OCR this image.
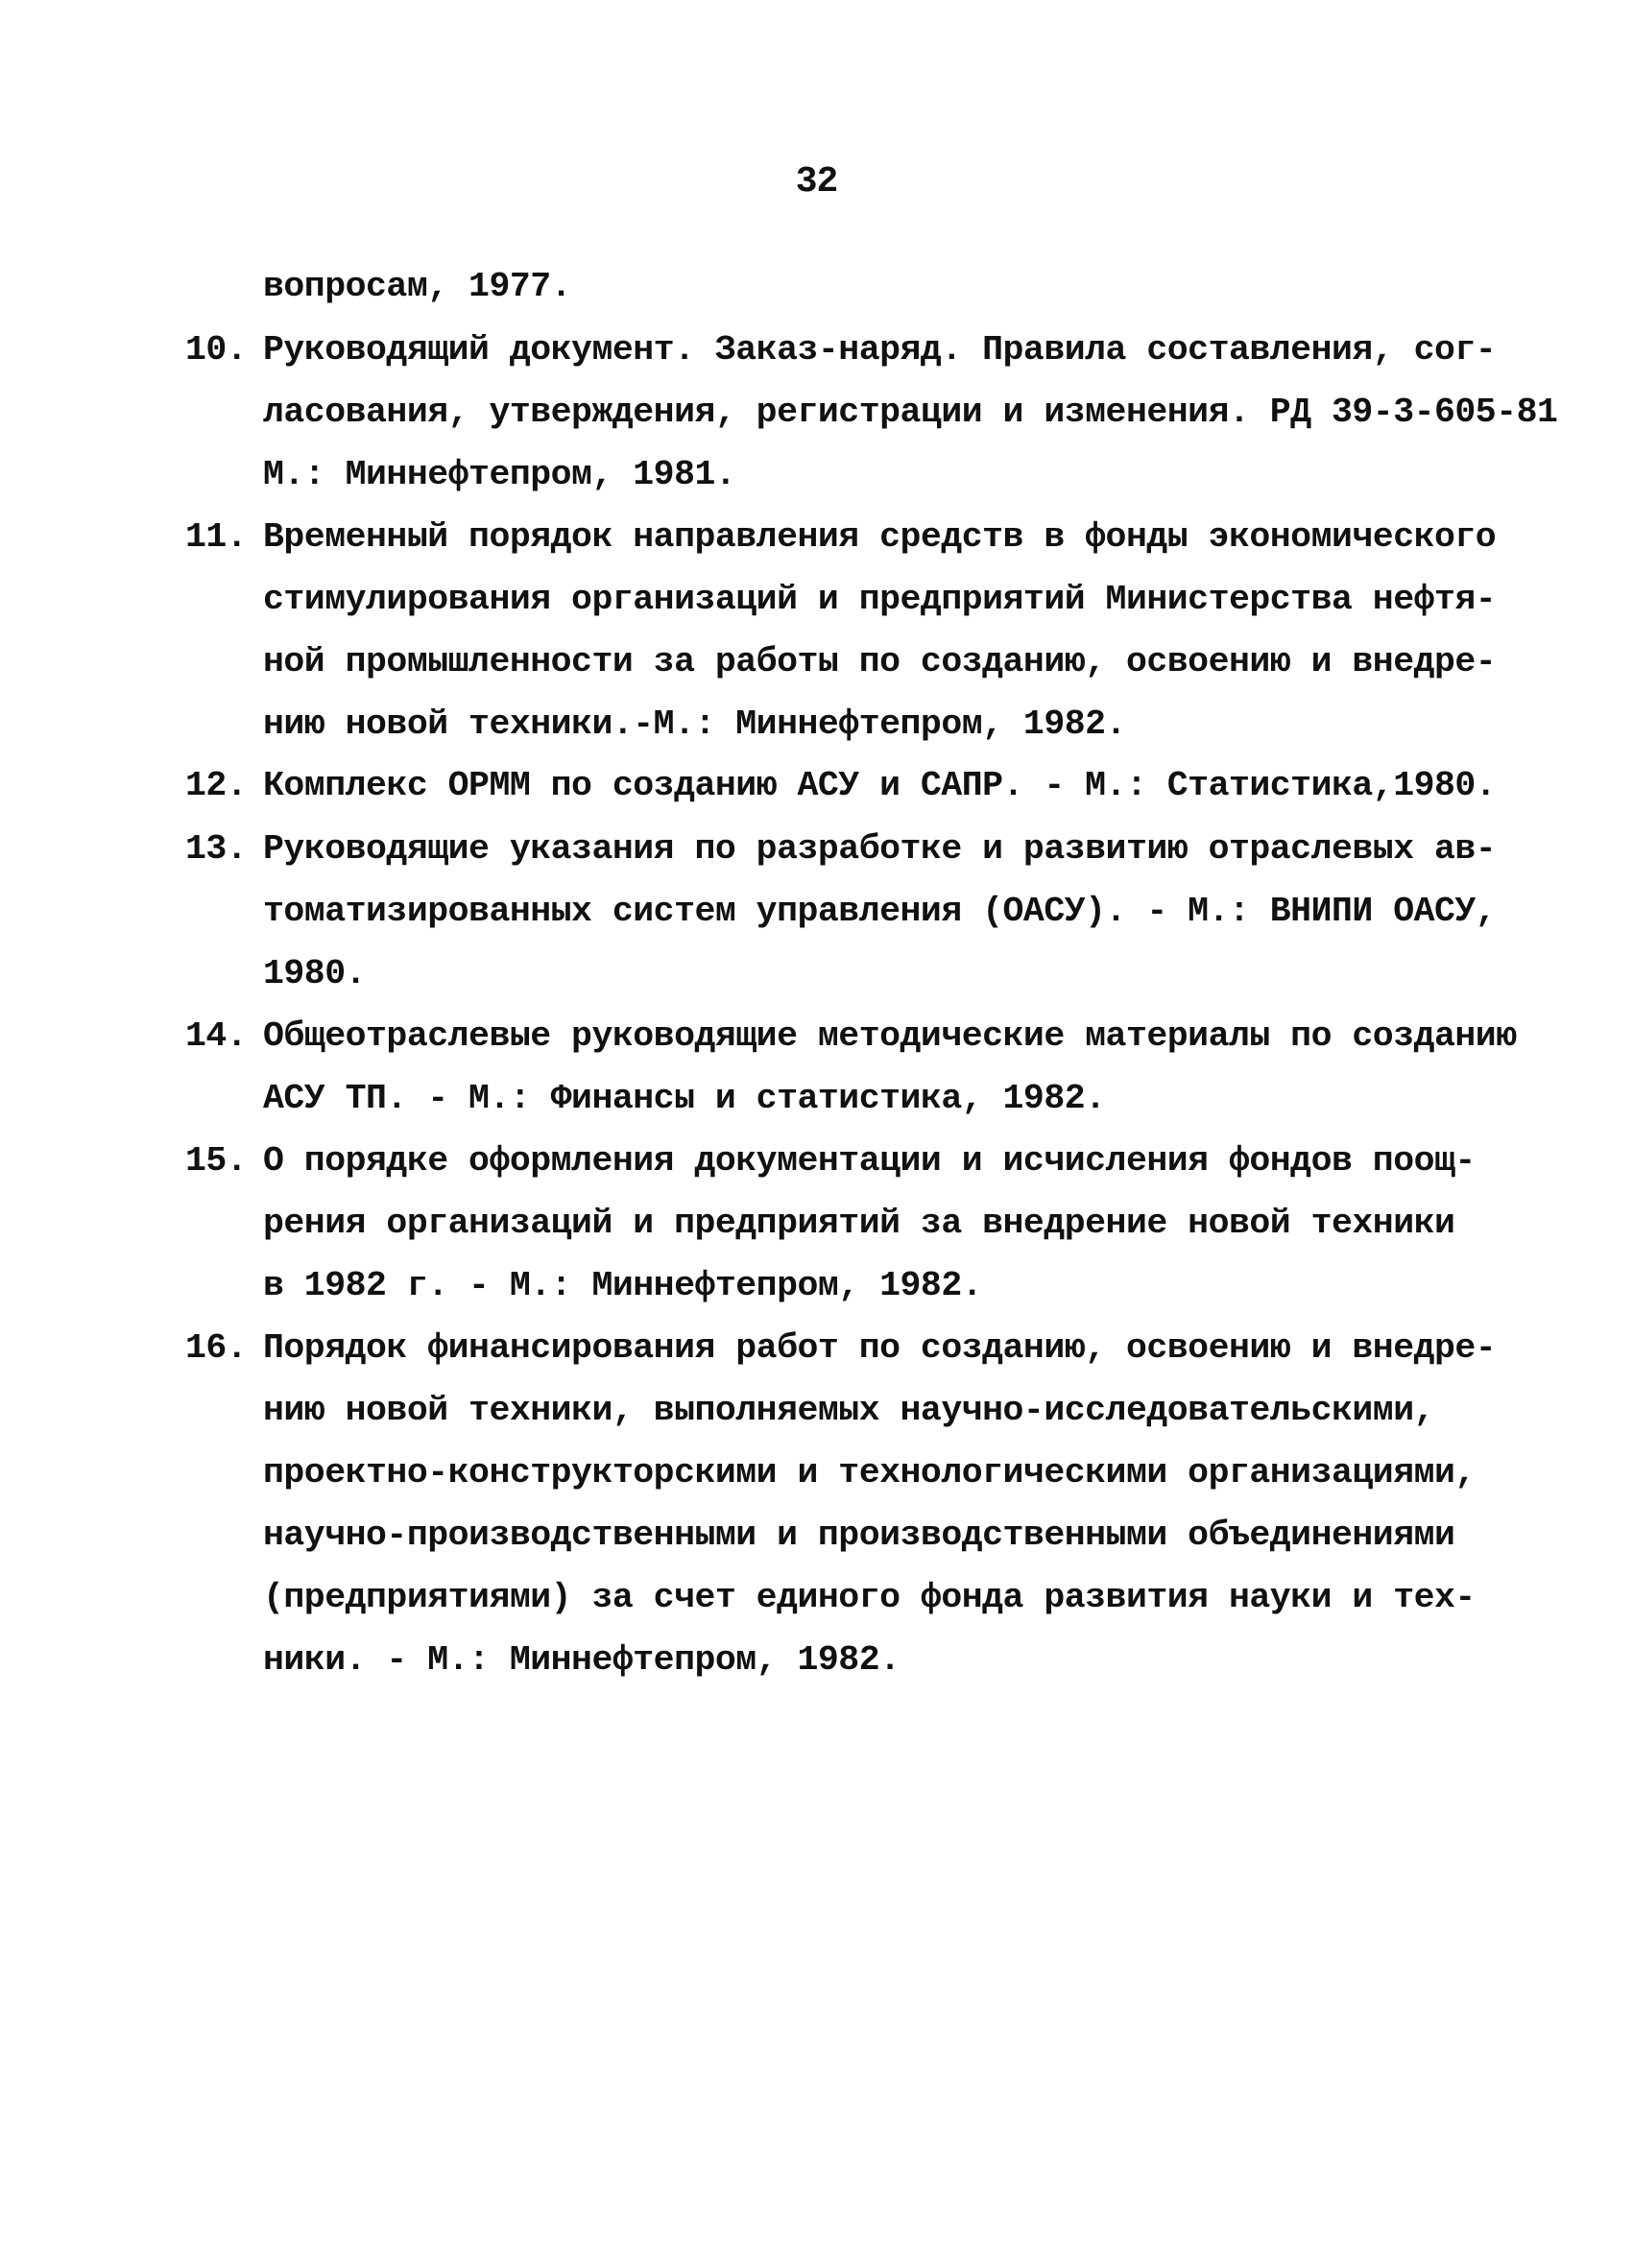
32
вопросам, 1977.
10. Руководящий документ. Заказ-наряд. Правила составления, сог-
ласования, утверждения, регистрации и изменения. РД 39-3-605-81
М.: Миннефтепром, 1981.
11. Временный порядок направления средств в фонды экономического
стимулирования организаций и предприятий Министерства нефтя-
ной промышленности за работы по созданию, освоению и внедре-
нию новой техники.-М.: Миннефтепром, 1982.
12. Комплекс ОРММ по созданию АСУ и САПР. - М.: Статистика,1980.
13. Руководящие указания по разработке и развитию отраслевых ав-
томатизированных систем управления (ОАСУ). - М.: ВНИПИ ОАСУ,
1980.
14. Общеотраслевые руководящие методические материалы по созданию
АСУ ТП. - М.: Финансы и статистика, 1982.
15. О порядке оформления документации и исчисления фондов поощ-
рения организаций и предприятий за внедрение новой техники
в 1982 г. - М.: Миннефтепром, 1982.
16. Порядок финансирования работ по созданию, освоению и внедре-
нию новой техники, выполняемых научно-исследовательскими,
проектно-конструкторскими и технологическими организациями,
научно-производственными и производственными объединениями
(предприятиями) за счет единого фонда развития науки и тех-
ники. - М.: Миннефтепром, 1982.
